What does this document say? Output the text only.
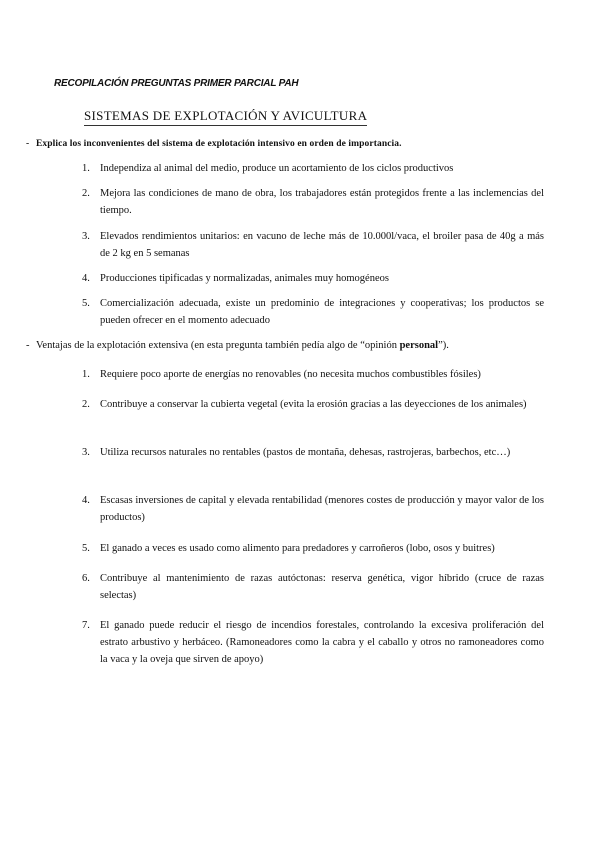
RECOPILACIÓN PREGUNTAS PRIMER PARCIAL PAH
SISTEMAS DE EXPLOTACIÓN Y AVICULTURA
- Explica los inconvenientes del sistema de explotación intensivo en orden de importancia.
1. Independiza al animal del medio, produce un acortamiento de los ciclos productivos
2. Mejora las condiciones de mano de obra, los trabajadores están protegidos frente a las inclemencias del tiempo.
3. Elevados rendimientos unitarios: en vacuno de leche más de 10.000l/vaca, el broiler pasa de 40g a más de 2 kg en 5 semanas
4. Producciones tipificadas y normalizadas, animales muy homogéneos
5. Comercialización adecuada, existe un predominio de integraciones y cooperativas; los productos se pueden ofrecer en el momento adecuado
- Ventajas de la explotación extensiva (en esta pregunta también pedía algo de “opinión personal”).
1. Requiere poco aporte de energías no renovables (no necesita muchos combustibles fósiles)
2. Contribuye a conservar la cubierta vegetal (evita la erosión gracias a las deyecciones de los animales)
3. Utiliza recursos naturales no rentables (pastos de montaña, dehesas, rastrojeras, barbechos, etc…)
4. Escasas inversiones de capital y elevada rentabilidad (menores costes de producción y mayor valor de los productos)
5. El ganado a veces es usado como alimento para predadores y carroñeros (lobo, osos y buitres)
6. Contribuye al mantenimiento de razas autóctonas: reserva genética, vigor híbrido (cruce de razas selectas)
7. El ganado puede reducir el riesgo de incendios forestales, controlando la excesiva proliferación del estrato arbustivo y herbáceo. (Ramoneadores como la cabra y el caballo y otros no ramoneadores como la vaca y la oveja que sirven de apoyo)
